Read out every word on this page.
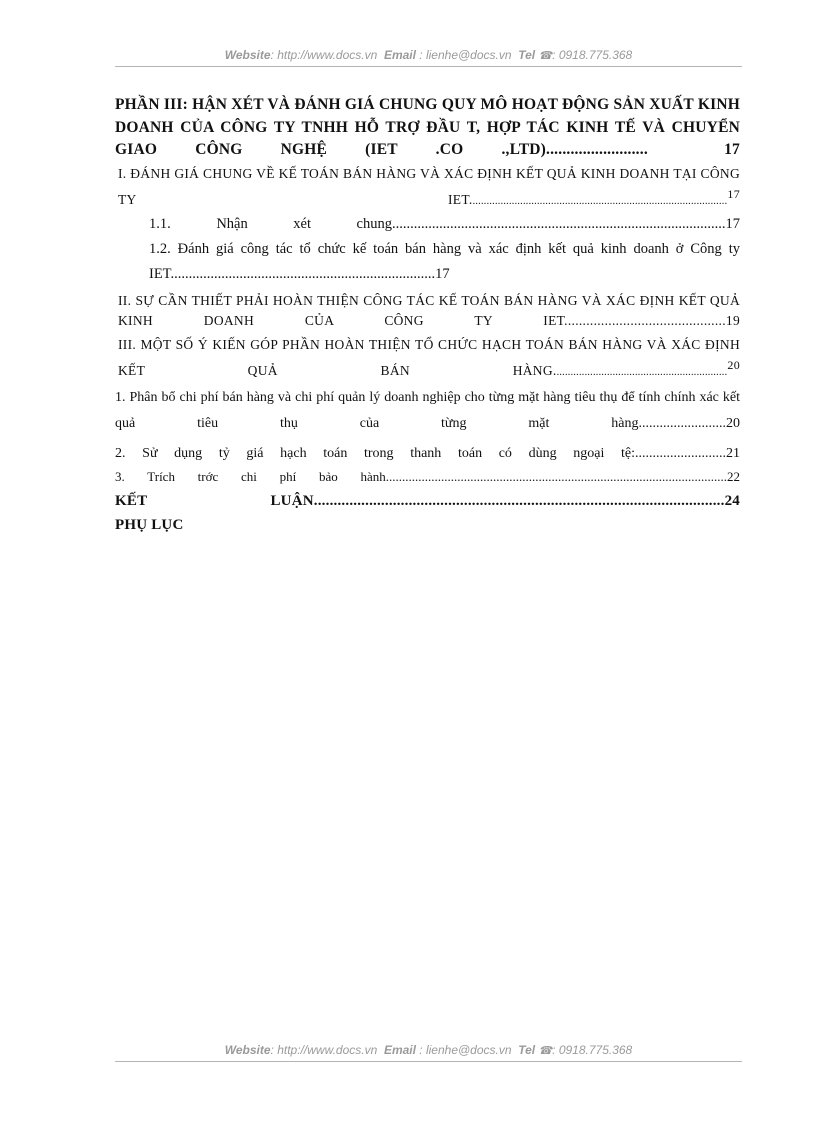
Website: http://www.docs.vn Email : lienhe@docs.vn Tel ☎: 0918.775.368
PHẦN III: HẬN XÉT VÀ ĐÁNH GIÁ CHUNG QUY MÔ HOẠT ĐỘNG SẢN XUẤT KINH DOANH CỦA CÔNG TY TNHH HỖ TRỢ ĐẦU T, HỢP TÁC KINH TẾ VÀ CHUYỂN GIAO CÔNG NGHỆ (IET .CO .,LTD).........................  17
I. ĐÁNH GIÁ CHUNG VỀ KẾ TOÁN BÁN HÀNG VÀ XÁC ĐỊNH KẾT QUẢ KINH DOANH TẠI CÔNG TY IET............................................................................................17
1.1. Nhận xét chung............................................................................................17
1.2. Đánh giá công tác tổ chức kế toán bán hàng và xác định kết quả kinh doanh ở Công ty IET.........................................................................17
II. SỰ CẦN THIẾT PHẢI HOÀN THIỆN CÔNG TÁC KẾ TOÁN BÁN HÀNG VÀ XÁC ĐỊNH KẾT QUẢ KINH DOANH CỦA CÔNG TY IET............................................19
III. MỘT SỐ Ý KIẾN GÓP PHẦN HOÀN THIỆN TỔ CHỨC HẠCH TOÁN BÁN HÀNG VÀ XÁC ĐỊNH KẾT QUẢ BÁN HÀNG..............................................................20
1. Phân bổ chi phí bán hàng và chi phí quản lý doanh nghiệp cho từng mặt hàng tiêu thụ để tính chính xác kết quả tiêu thụ của từng mặt hàng.........................20
2. Sử dụng tỷ giá hạch toán trong thanh toán có dùng ngoại tệ:..........................21
3. Trích trớc chi phí bảo hành.........................................................................................................22
KẾT LUẬN........................................................................................................24
PHỤ LỤC
Website: http://www.docs.vn Email : lienhe@docs.vn Tel ☎: 0918.775.368
